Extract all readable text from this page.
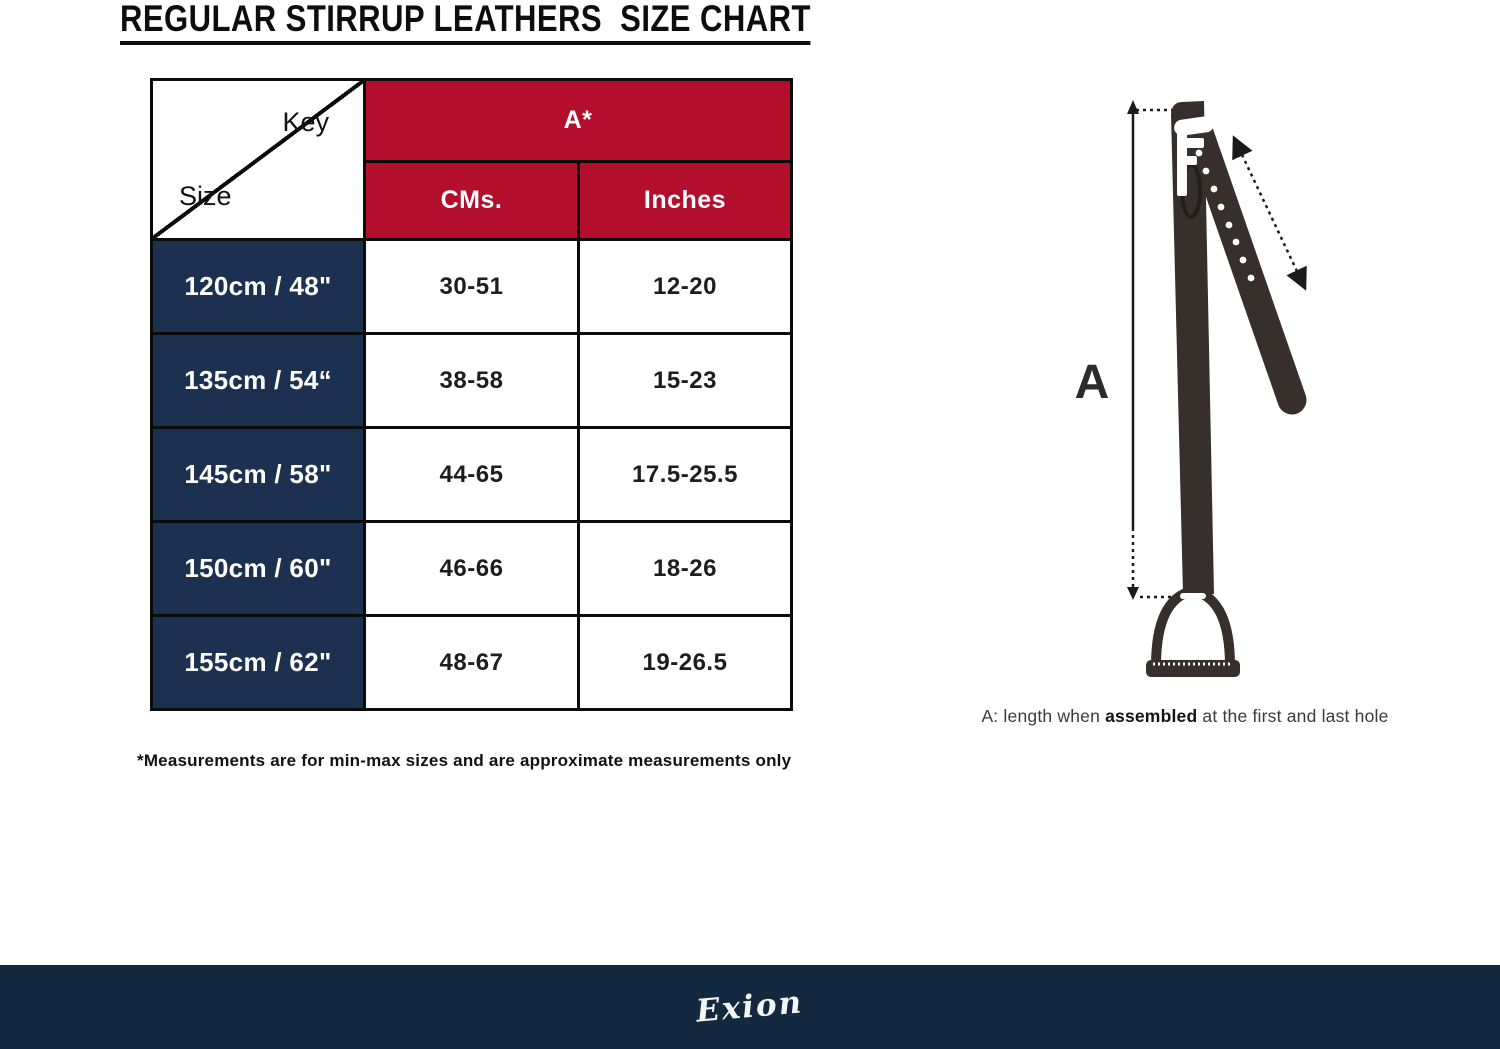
REGULAR STIRRUP LEATHERS  SIZE CHART
Key
Size
A*
CMs.	Inches
120cm / 48"	30-51	12-20
135cm / 54“	38-58	15-23
145cm / 58"	44-65	17.5-25.5
150cm / 60"	46-66	18-26
155cm / 62"	48-67	19-26.5
*Measurements are for min-max sizes and are approximate measurements only
A
A: length when assembled at the first and last hole
Exion
